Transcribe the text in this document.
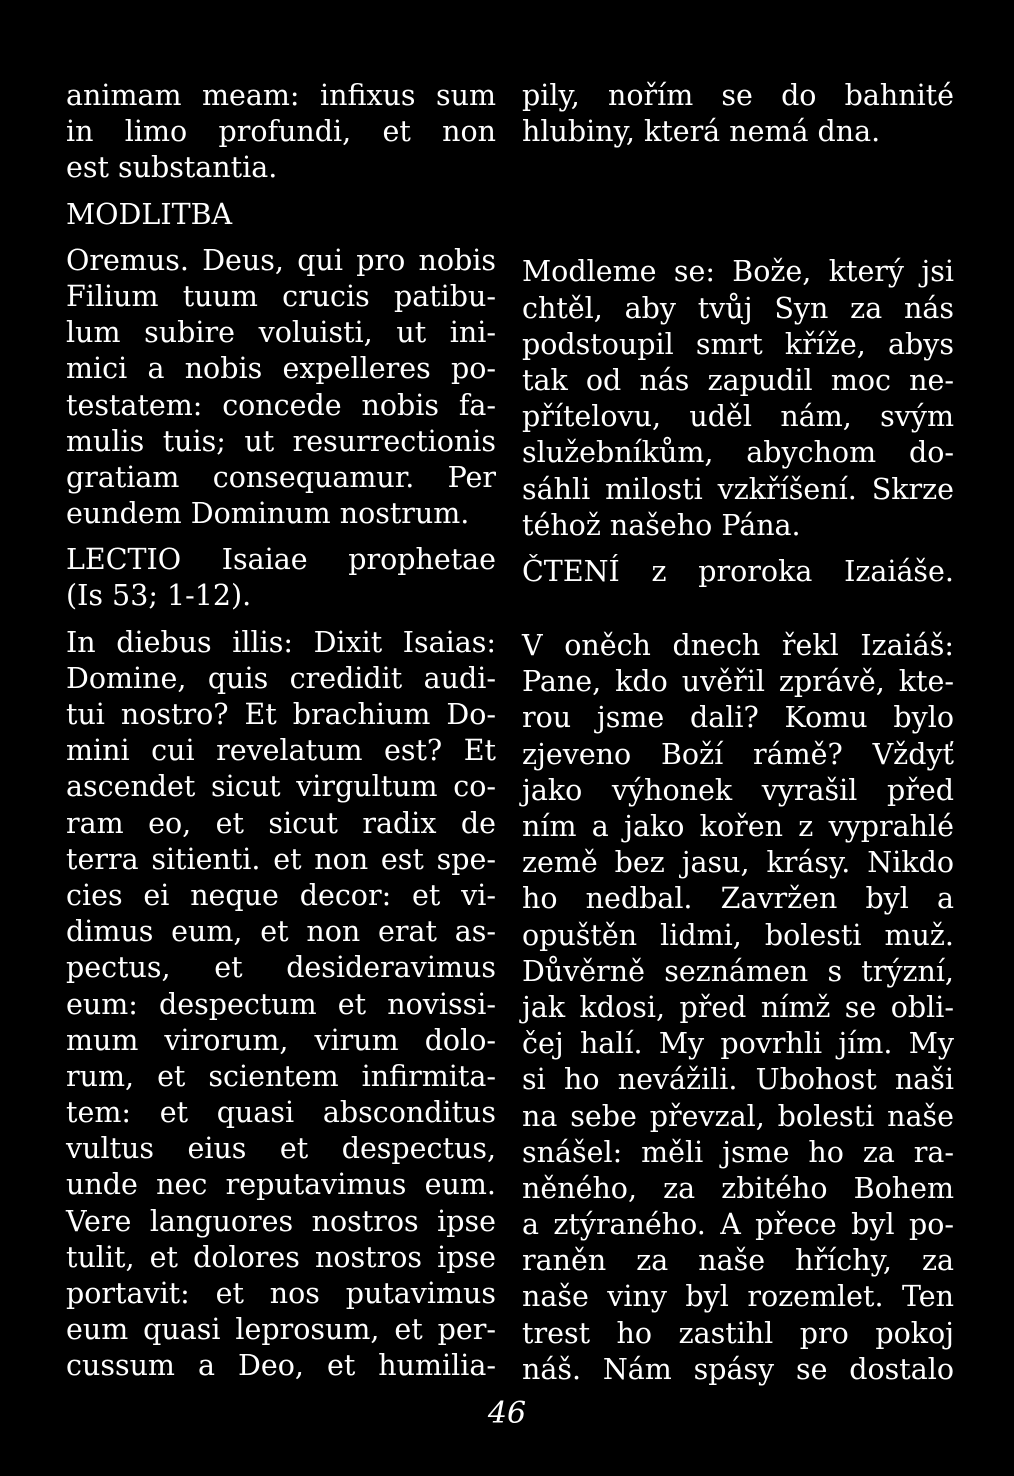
animam meam: infixus sum
in limo profundi, et non
est substantia.
MODLITBA
Oremus. Deus, qui pro nobis
Filium tuum crucis patibu-
lum subire voluisti, ut ini-
mici a nobis expelleres po-
testatem: concede nobis fa-
mulis tuis; ut resurrectionis
gratiam consequamur. Per
eundem Dominum nostrum.
LECTIO Isaiae prophetae
(Is 53; 1-12).
In diebus illis: Dixit Isaias:
Domine, quis credidit audi-
tui nostro? Et brachium Do-
mini cui revelatum est? Et
ascendet sicut virgultum co-
ram eo, et sicut radix de
terra sitienti. et non est spe-
cies ei neque decor: et vi-
dimus eum, et non erat as-
pectus, et desideravimus
eum: despectum et novissi-
mum virorum, virum dolo-
rum, et scientem infirmita-
tem: et quasi absconditus
vultus eius et despectus,
unde nec reputavimus eum.
Vere languores nostros ipse
tulit, et dolores nostros ipse
portavit: et nos putavimus
eum quasi leprosum, et per-
cussum a Deo, et humilia-
pily, nořím se do bahnité
hlubiny, která nemá dna.
Modleme se: Bože, který jsi
chtěl, aby tvůj Syn za nás
podstoupil smrt kříže, abys
tak od nás zapudil moc ne-
přítelovu, uděl nám, svým
služebníkům, abychom do-
sáhli milosti vzkříšení. Skrze
téhož našeho Pána.
ČTENÍ z proroka Izaiáše.
V oněch dnech řekl Izaiáš:
Pane, kdo uvěřil zprávě, kte-
rou jsme dali? Komu bylo
zjeveno Boží rámě? Vždyť
jako výhonek vyrašil před
ním a jako kořen z vyprahlé
země bez jasu, krásy. Nikdo
ho nedbal. Zavržen byl a
opuštěn lidmi, bolesti muž.
Důvěrně seznámen s trýzní,
jak kdosi, před nímž se obli-
čej halí. My povrhli jím. My
si ho nevážili. Ubohost naši
na sebe převzal, bolesti naše
snášel: měli jsme ho za ra-
něného, za zbitého Bohem
a ztýraného. A přece byl po-
raněn za naše hříchy, za
naše viny byl rozemlet. Ten
trest ho zastihl pro pokoj
náš. Nám spásy se dostalo
46
